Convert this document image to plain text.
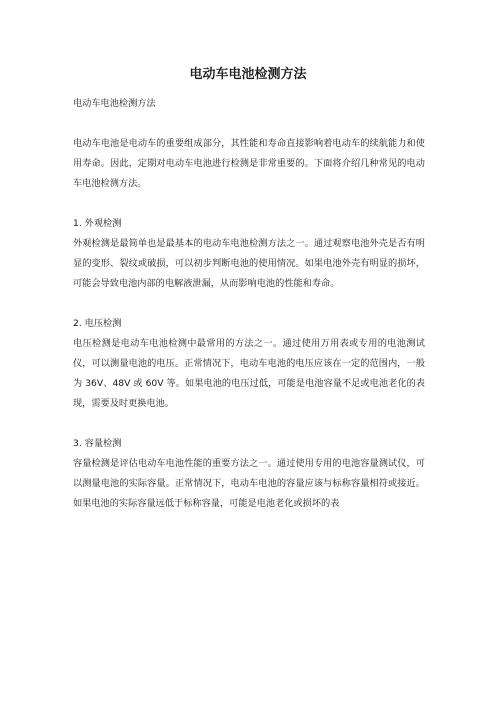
电动车电池检测方法

电动车电池检测方法

电动车电池是电动车的重要组成部分，其性能和寿命直接影响着电动车的续航能力和使用寿命。因此，定期对电动车电池进行检测是非常重要的。下面将介绍几种常见的电动车电池检测方法。

1. 外观检测

外观检测是最简单也是最基本的电动车电池检测方法之一。通过观察电池外壳是否有明显的变形、裂纹或破损，可以初步判断电池的使用情况。如果电池外壳有明显的损坏，可能会导致电池内部的电解液泄漏，从而影响电池的性能和寿命。

2. 电压检测

电压检测是电动车电池检测中最常用的方法之一。通过使用万用表或专用的电池测试仪，可以测量电池的电压。正常情况下，电动车电池的电压应该在一定的范围内，一般为 36V、48V 或 60V 等。如果电池的电压过低，可能是电池容量不足或电池老化的表现，需要及时更换电池。

3. 容量检测

容量检测是评估电动车电池性能的重要方法之一。通过使用专用的电池容量测试仪，可以测量电池的实际容量。正常情况下，电动车电池的容量应该与标称容量相符或接近。如果电池的实际容量远低于标称容量，可能是电池老化或损坏的表
